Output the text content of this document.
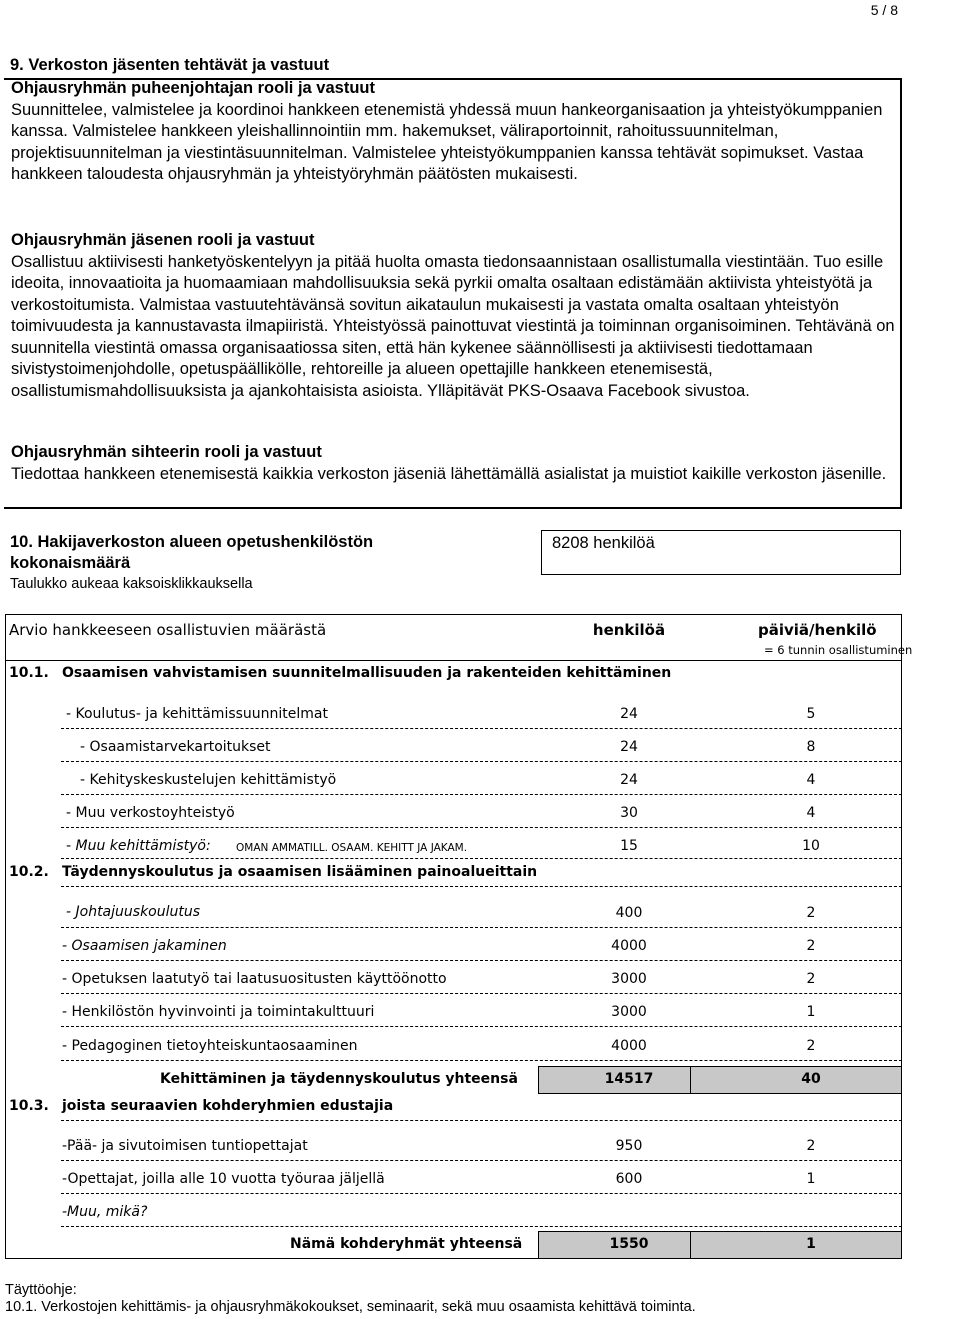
5 / 8
9. Verkoston jäsenten tehtävät ja vastuut
Ohjausryhmän puheenjohtajan rooli ja vastuut
Suunnittelee, valmistelee ja koordinoi hankkeen etenemistä yhdessä muun hankeorganisaation ja yhteistyökumppanien kanssa. Valmistelee hankkeen yleishallinnointiin mm. hakemukset, väliraportoinnit, rahoitussuunnitelman, projektisuunnitelman ja viestintäsuunnitelman. Valmistelee yhteistyökumppanien kanssa tehtävät sopimukset. Vastaa hankkeen taloudesta ohjausryhmän ja yhteistyöryhmän päätösten mukaisesti.
Ohjausryhmän jäsenen rooli ja vastuut
Osallistuu aktiivisesti hanketyöskentelyyn ja pitää huolta omasta tiedonsaannistaan osallistumalla viestintään. Tuo esille ideoita, innovaatioita ja huomaamiaan mahdollisuuksia sekä pyrkii omalta osaltaan edistämään aktiivista yhteistyötä ja verkostoitumista. Valmistaa vastuutehtävänsä sovitun aikataulun mukaisesti ja vastata omalta osaltaan yhteistyön toimivuudesta ja kannustavasta ilmapiiristä. Yhteistyössä painottuvat viestintä ja toiminnan organisoiminen. Tehtävänä on suunnitella viestintä omassa organisaatiossa siten, että hän kykenee säännöllisesti ja aktiivisesti tiedottamaan sivistystoimenjohdolle, opetuspäällikölle, rehtoreille ja alueen opettajille hankkeen etenemisestä, osallistumismahdollisuuksista ja ajankohtaisista asioista. Ylläpitävät PKS-Osaava Facebook sivustoa.
Ohjausryhmän sihteerin rooli ja vastuut
Tiedottaa hankkeen etenemisestä kaikkia verkoston jäseniä lähettämällä asialistat ja muistiot kaikille verkoston jäsenille.
10. Hakijaverkoston alueen opetushenkilöstön kokonaismäärä
Taulukko aukeaa kaksoisklikkauksella
8208 henkilöä
Arvio hankkeeseen osallistuvien määrästä	henkilöä	päiviä/henkilö
= 6 tunnin osallistuminen
10.1. Osaamisen vahvistamisen suunnitelmallisuuden ja rakenteiden kehittäminen
- Koulutus- ja kehittämissuunnitelmat	24	5
- Osaamistarvekartoitukset	24	8
- Kehityskeskustelujen kehittämistyö	24	4
- Muu verkostoyhteistyö	30	4
- Muu kehittämistyö: OMAN AMMATILL. OSAAM. KEHITT JA JAKAM.	15	10
10.2. Täydennyskoulutus ja osaamisen lisääminen painoalueittain
- Johtajuuskoulutus	400	2
- Osaamisen jakaminen	4000	2
- Opetuksen laatutyö tai laatusuositusten käyttöönotto	3000	2
- Henkilöstön hyvinvointi ja toimintakulttuuri	3000	1
- Pedagoginen tietoyhteiskuntaosaaminen	4000	2
Kehittäminen ja täydennyskoulutus yhteensä	14517	40
10.3. joista seuraavien kohderyhmien edustajia
-Pää- ja sivutoimisen tuntiopettajat	950	2
-Opettajat, joilla alle 10 vuotta työuraa jäljellä	600	1
-Muu, mikä?
Nämä kohderyhmät yhteensä	1550	1
Täyttöohje:
10.1. Verkostojen kehittämis- ja ohjausryhmäkokoukset, seminaarit, sekä muu osaamista kehittävä toiminta.
